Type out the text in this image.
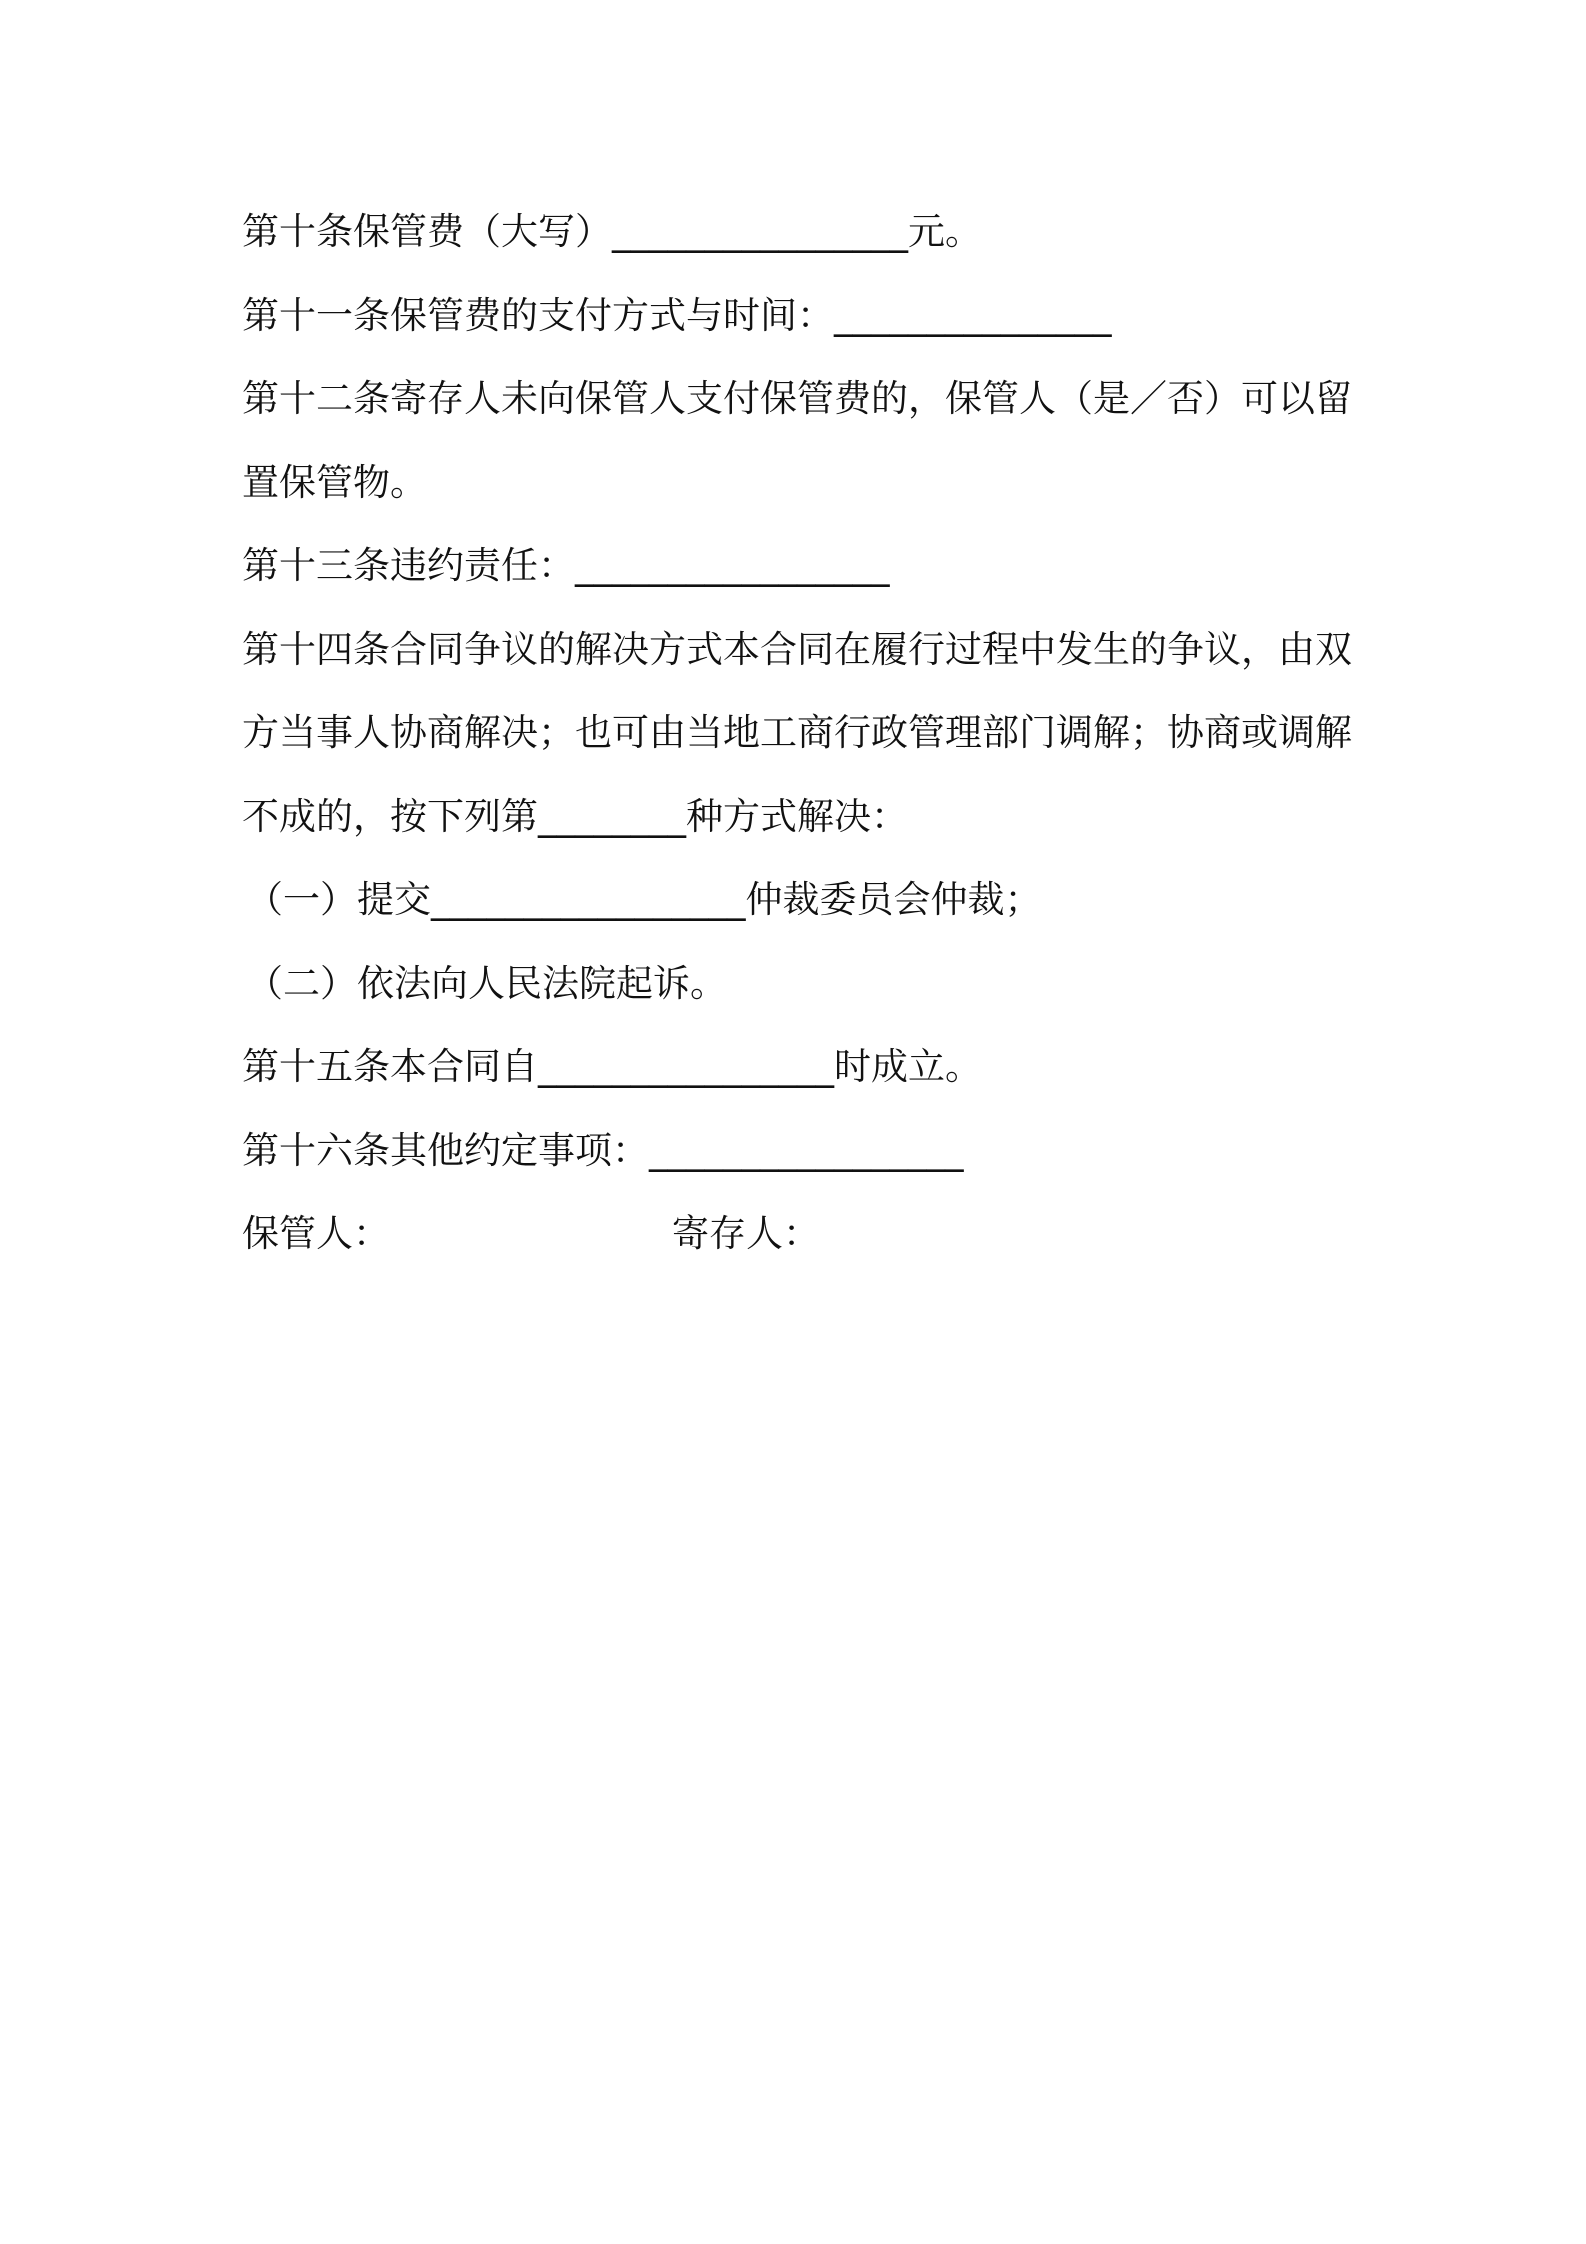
第十条保管费（大写）________________元。

第十一条保管费的支付方式与时间：_______________

第十二条寄存人未向保管人支付保管费的，保管人（是／否）可以留

置保管物。

第十三条违约责任：_________________

第十四条合同争议的解决方式本合同在履行过程中发生的争议，由双

方当事人协商解决；也可由当地工商行政管理部门调解；协商或调解

不成的，按下列第________种方式解决：

（一）提交_________________仲裁委员会仲裁；

（二）依法向人民法院起诉。

第十五条本合同自________________时成立。

第十六条其他约定事项：_________________

保管人：	寄存人：
